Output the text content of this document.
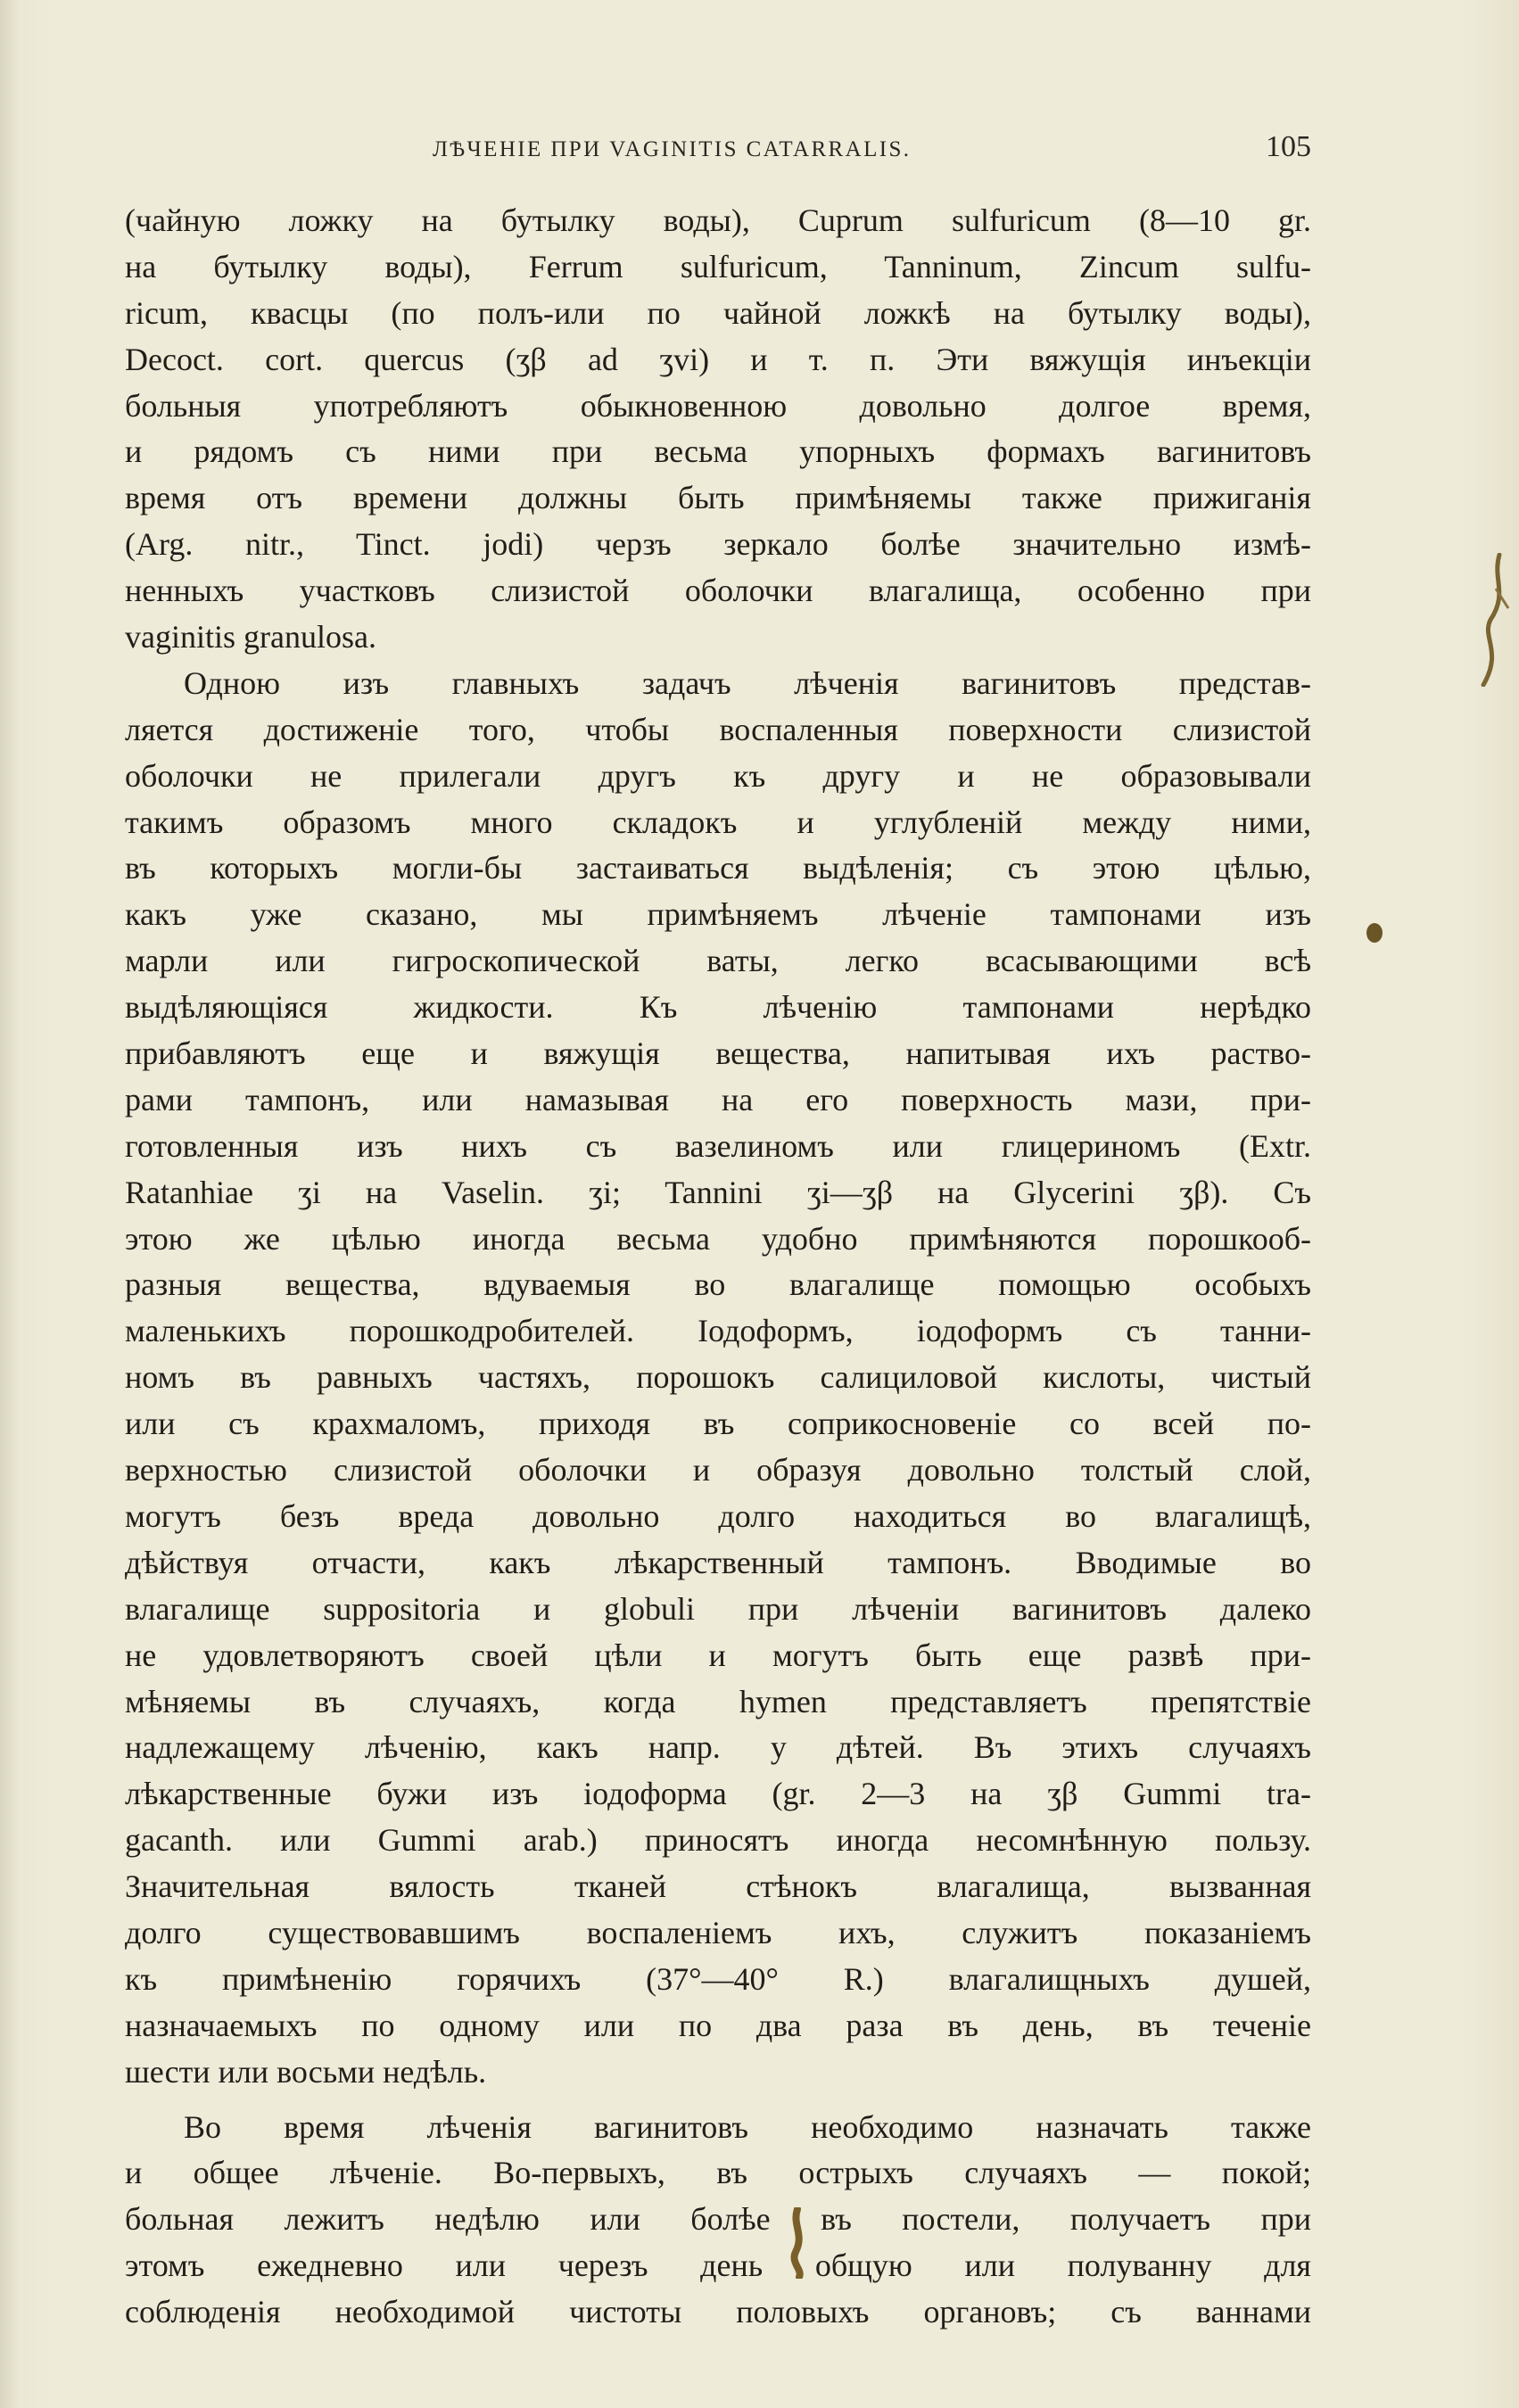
ЛѢЧЕНІЕ ПРИ VAGINITIS CATARRALIS.	105
(чайную ложку на бутылку воды), Cuprum sulfuricum (8—10 gr.
на бутылку воды), Ferrum sulfuricum, Tanninum, Zincum sulfu-
ricum, квасцы (по полъ-или по чайной ложкѣ на бутылку воды),
Decoct. cort. quercus (ʒβ ad ʒvi) и т. п. Эти вяжущія инъекціи
больныя употребляютъ обыкновенною довольно долгое время,
и рядомъ съ ними при весьма упорныхъ формахъ вагинитовъ
время отъ времени должны быть примѣняемы также прижиганія
(Arg. nitr., Tinct. jodi) черзъ зеркало болѣе значительно измѣ-
ненныхъ участковъ слизистой оболочки влагалища, особенно при
vaginitis granulosa.
Одною изъ главныхъ задачъ лѣченія вагинитовъ представ-
ляется достиженіе того, чтобы воспаленныя поверхности слизистой
оболочки не прилегали другъ къ другу и не образовывали
такимъ образомъ много складокъ и углубленій между ними,
въ которыхъ могли-бы застаиваться выдѣленія; съ этою цѣлью,
какъ уже сказано, мы примѣняемъ лѣченіе тампонами изъ
марли или гигроскопической ваты, легко всасывающими всѣ
выдѣляющіяся жидкости. Къ лѣченію тампонами нерѣдко
прибавляютъ еще и вяжущія вещества, напитывая ихъ раство-
рами тампонъ, или намазывая на его поверхность мази, при-
готовленныя изъ нихъ съ вазелиномъ или глицериномъ (Extr.
Ratanhiae ʒi на Vaselin. ʒi; Tannini ʒi—ʒβ на Glycerini ʒβ). Съ
этою же цѣлью иногда весьма удобно примѣняются порошкооб-
разныя вещества, вдуваемыя во влагалище помощью особыхъ
маленькихъ порошкодробителей. Іодоформъ, іодоформъ съ танни-
номъ въ равныхъ частяхъ, порошокъ салициловой кислоты, чистый
или съ крахмаломъ, приходя въ соприкосновеніе со всей по-
верхностью слизистой оболочки и образуя довольно толстый слой,
могутъ безъ вреда довольно долго находиться во влагалищѣ,
дѣйствуя отчасти, какъ лѣкарственный тампонъ. Вводимые во
влагалище suppositoria и globuli при лѣченіи вагинитовъ далеко
не удовлетворяютъ своей цѣли и могутъ быть еще развѣ при-
мѣняемы въ случаяхъ, когда hymen представляетъ препятствіе
надлежащему лѣченію, какъ напр. у дѣтей. Въ этихъ случаяхъ
лѣкарственные бужи изъ іодоформа (gr. 2—3 на ʒβ Gummi tra-
gacanth. или Gummi arab.) приносятъ иногда несомнѣнную пользу.
Значительная вялость тканей стѣнокъ влагалища, вызванная
долго существовавшимъ воспаленіемъ ихъ, служитъ показаніемъ
къ примѣненію горячихъ (37°—40° R.) влагалищныхъ душей,
назначаемыхъ по одному или по два раза въ день, въ теченіе
шести или восьми недѣль.
Во время лѣченія вагинитовъ необходимо назначать также
и общее лѣченіе. Во-первыхъ, въ острыхъ случаяхъ — покой;
больная лежитъ недѣлю или болѣе въ постели, получаетъ при
этомъ ежедневно или черезъ день общую или полуванну для
соблюденія необходимой чистоты половыхъ органовъ; съ ваннами
